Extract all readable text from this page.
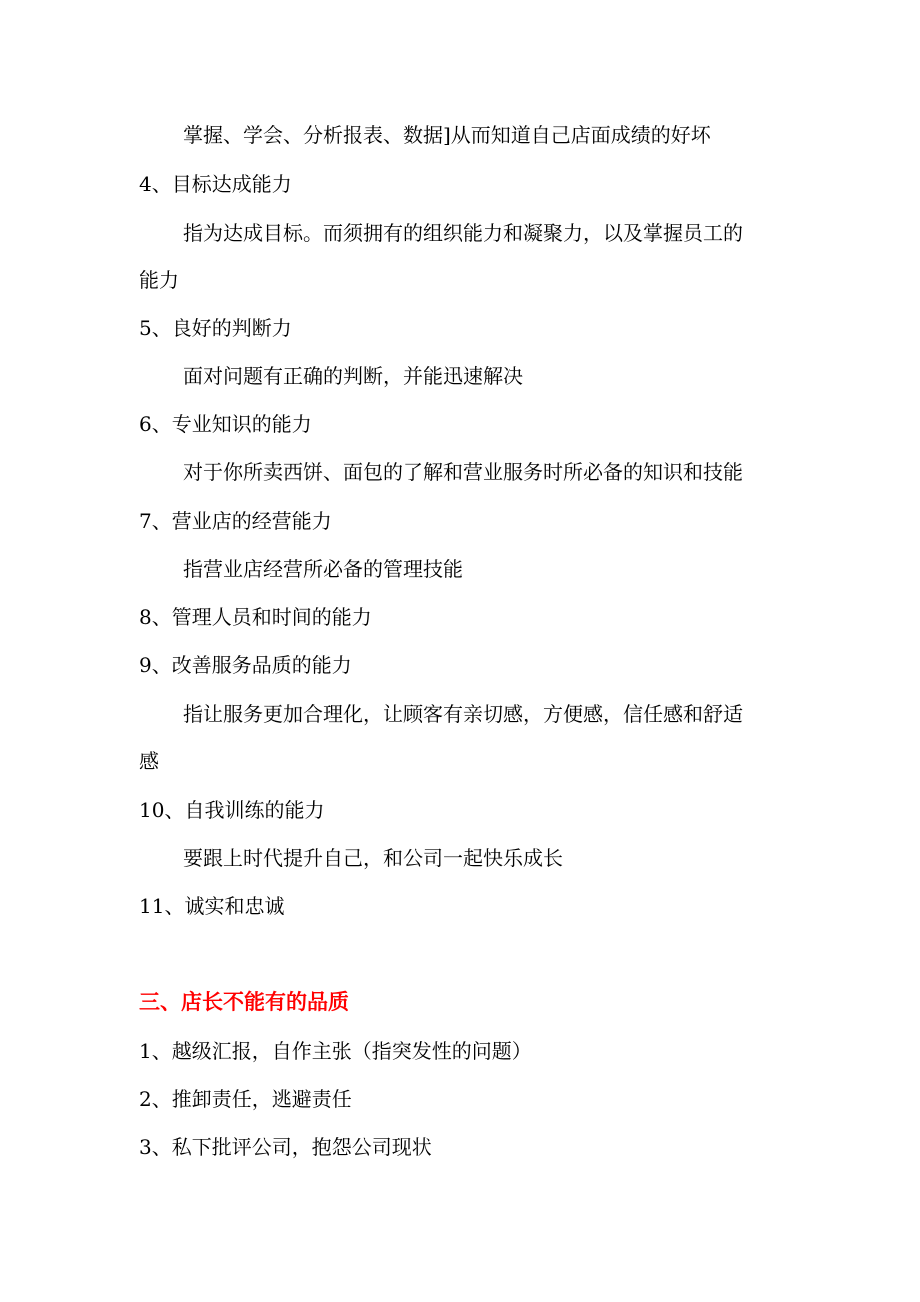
掌握、学会、分析报表、数据]从而知道自己店面成绩的好坏
4、目标达成能力
指为达成目标。而须拥有的组织能力和凝聚力，以及掌握员工的
能力
5、良好的判断力
面对问题有正确的判断，并能迅速解决
6、专业知识的能力
对于你所卖西饼、面包的了解和营业服务时所必备的知识和技能
7、营业店的经营能力
指营业店经营所必备的管理技能
8、管理人员和时间的能力
9、改善服务品质的能力
指让服务更加合理化，让顾客有亲切感，方便感，信任感和舒适
感
10、自我训练的能力
要跟上时代提升自己，和公司一起快乐成长
11、诚实和忠诚
三、店长不能有的品质
1、越级汇报，自作主张（指突发性的问题）
2、推卸责任，逃避责任
3、私下批评公司，抱怨公司现状
